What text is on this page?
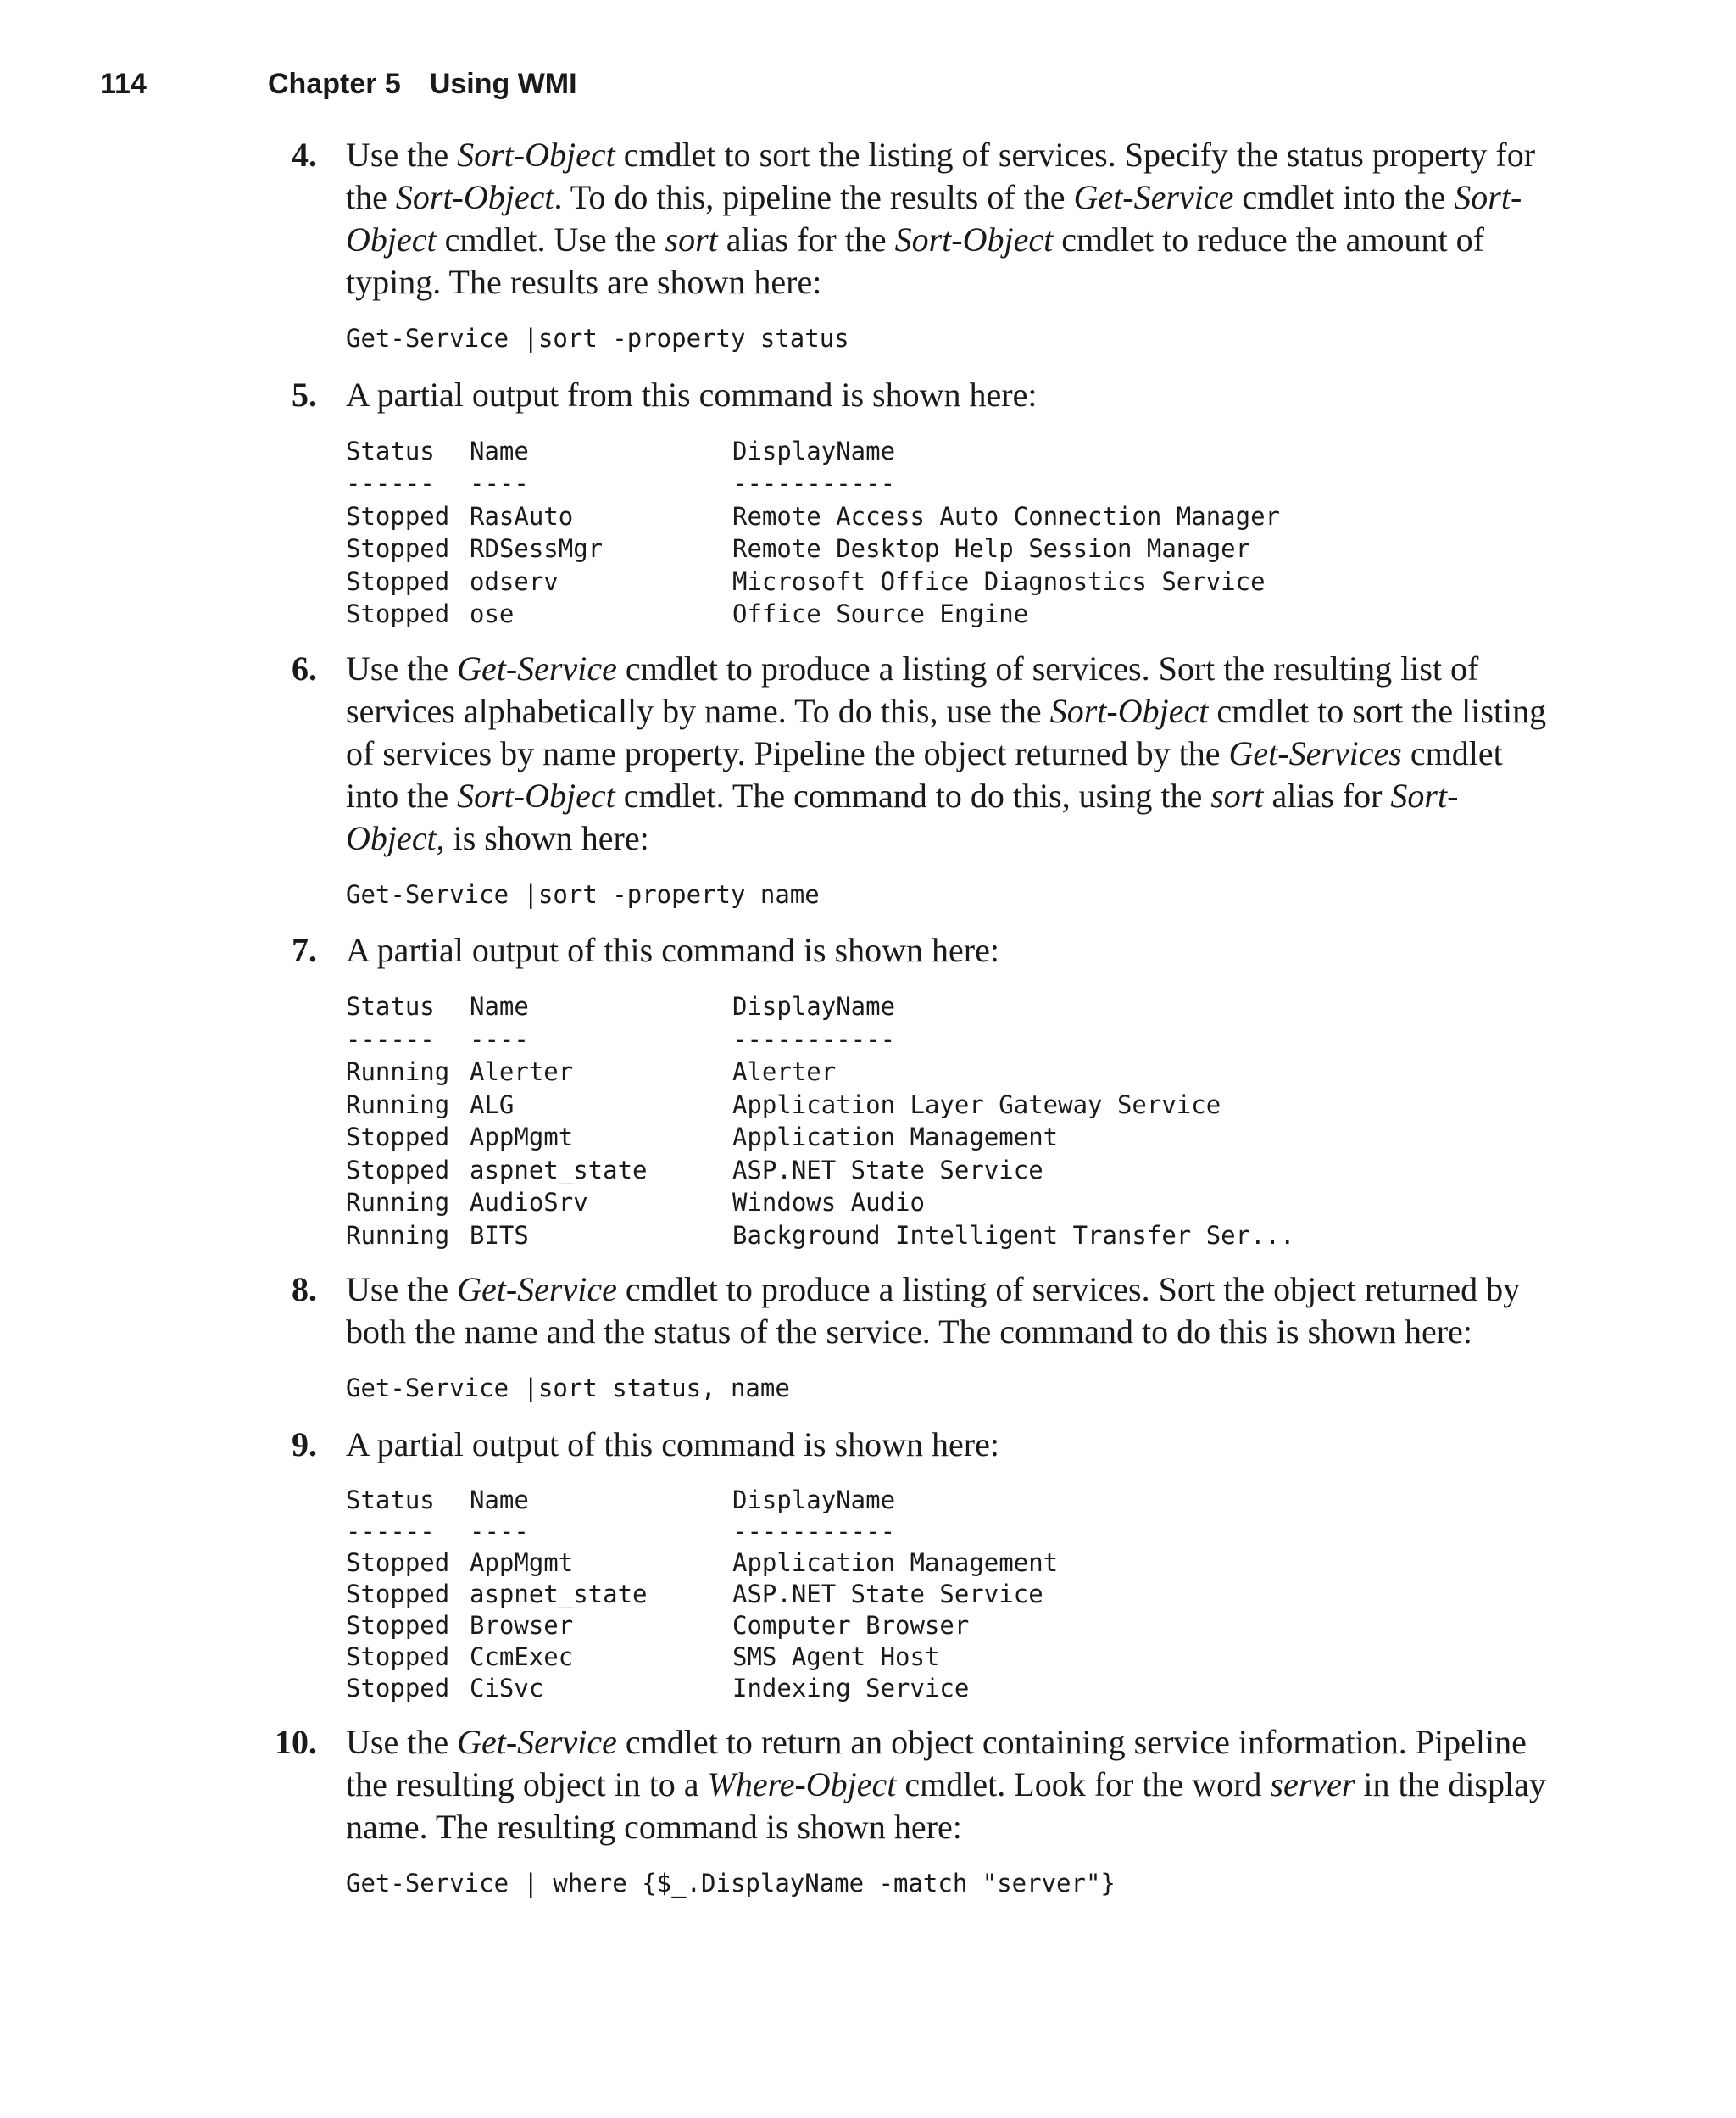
114	Chapter 5 Using WMI
4. Use the Sort-Object cmdlet to sort the listing of services. Specify the status property for the Sort-Object. To do this, pipeline the results of the Get-Service cmdlet into the Sort-Object cmdlet. Use the sort alias for the Sort-Object cmdlet to reduce the amount of typing. The results are shown here:

Get-Service |sort -property status
5. A partial output from this command is shown here:

Status	Name	DisplayName
------	----	-----------
Stopped RasAuto	Remote Access Auto Connection Manager
Stopped RDSessMgr	Remote Desktop Help Session Manager
Stopped odserv	Microsoft Office Diagnostics Service
Stopped ose	Office Source Engine
6. Use the Get-Service cmdlet to produce a listing of services. Sort the resulting list of services alphabetically by name. To do this, use the Sort-Object cmdlet to sort the listing of services by name property. Pipeline the object returned by the Get-Services cmdlet into the Sort-Object cmdlet. The command to do this, using the sort alias for Sort-Object, is shown here:

Get-Service |sort -property name
7. A partial output of this command is shown here:

Status	Name	DisplayName
------	----	-----------
Running Alerter	Alerter
Running ALG	Application Layer Gateway Service
Stopped AppMgmt	Application Management
Stopped aspnet_state	ASP.NET State Service
Running AudioSrv	Windows Audio
Running BITS	Background Intelligent Transfer Ser...
8. Use the Get-Service cmdlet to produce a listing of services. Sort the object returned by both the name and the status of the service. The command to do this is shown here:

Get-Service |sort status, name
9. A partial output of this command is shown here:

Status	Name	DisplayName
------	----	-----------
Stopped AppMgmt	Application Management
Stopped aspnet_state	ASP.NET State Service
Stopped Browser	Computer Browser
Stopped CcmExec	SMS Agent Host
Stopped CiSvc	Indexing Service
10. Use the Get-Service cmdlet to return an object containing service information. Pipeline the resulting object in to a Where-Object cmdlet. Look for the word server in the display name. The resulting command is shown here:

Get-Service | where {$_.DisplayName -match "server"}
